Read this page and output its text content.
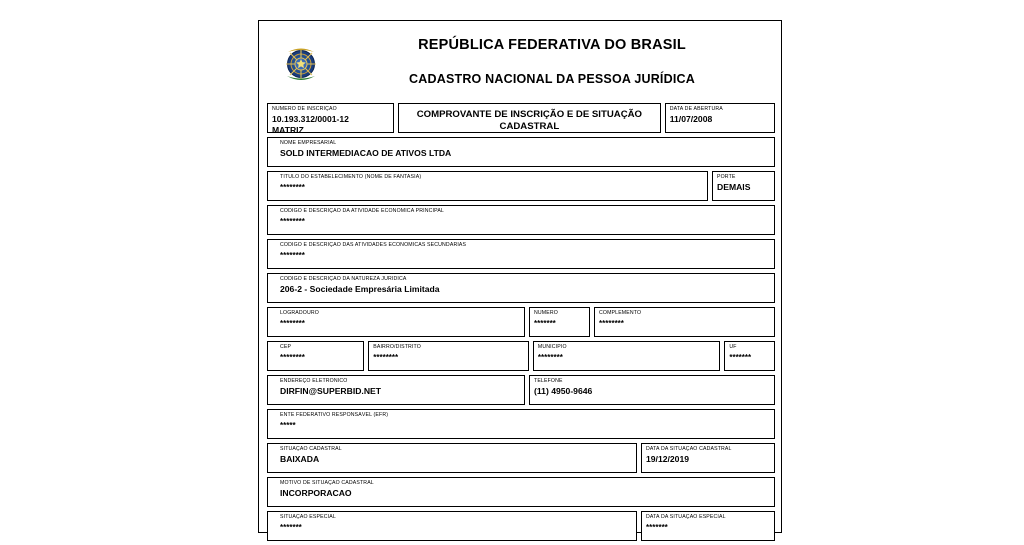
REPÚBLICA FEDERATIVA DO BRASIL
CADASTRO NACIONAL DA PESSOA JURÍDICA
NÚMERO DE INSCRIÇÃO
10.193.312/0001-12
MATRIZ
COMPROVANTE DE INSCRIÇÃO E DE SITUAÇÃO
CADASTRAL
DATA DE ABERTURA
11/07/2008
NOME EMPRESARIAL
SOLD INTERMEDIACAO DE ATIVOS LTDA
TÍTULO DO ESTABELECIMENTO (NOME DE FANTASIA)
********
PORTE
DEMAIS
CÓDIGO E DESCRIÇÃO DA ATIVIDADE ECONÔMICA PRINCIPAL
********
CÓDIGO E DESCRIÇÃO DAS ATIVIDADES ECONÔMICAS SECUNDÁRIAS
********
CÓDIGO E DESCRIÇÃO DA NATUREZA JURÍDICA
206-2 - Sociedade Empresária Limitada
LOGRADOURO
********
NÚMERO
*******
COMPLEMENTO
********
CEP
********
BAIRRO/DISTRITO
********
MUNICÍPIO
********
UF
*******
ENDEREÇO ELETRÔNICO
DIRFIN@SUPERBID.NET
TELEFONE
(11) 4950-9646
ENTE FEDERATIVO RESPONSÁVEL (EFR)
*****
SITUAÇÃO CADASTRAL
BAIXADA
DATA DA SITUAÇÃO CADASTRAL
19/12/2019
MOTIVO DE SITUAÇÃO CADASTRAL
INCORPORACAO
SITUAÇÃO ESPECIAL
*******
DATA DA SITUAÇÃO ESPECIAL
*******
